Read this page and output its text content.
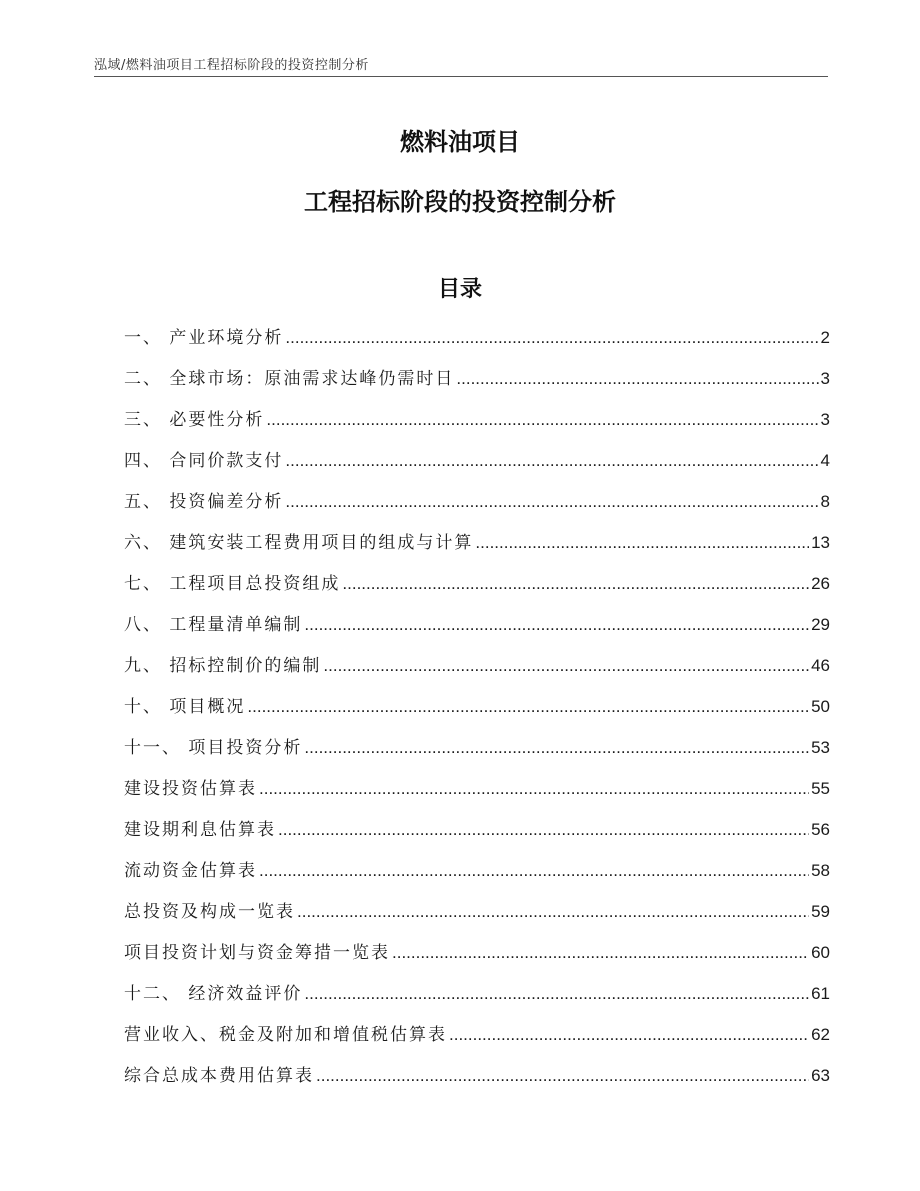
泓域/燃料油项目工程招标阶段的投资控制分析
燃料油项目
工程招标阶段的投资控制分析
目录
一、 产业环境分析 .....	2
二、 全球市场：原油需求达峰仍需时日 .....	3
三、 必要性分析 .....	3
四、 合同价款支付 .....	4
五、 投资偏差分析 .....	8
六、 建筑安装工程费用项目的组成与计算 .....	13
七、 工程项目总投资组成 .....	26
八、 工程量清单编制 .....	29
九、 招标控制价的编制 .....	46
十、 项目概况 .....	50
十一、 项目投资分析 .....	53
建设投资估算表 .....	55
建设期利息估算表 .....	56
流动资金估算表 .....	58
总投资及构成一览表 .....	59
项目投资计划与资金筹措一览表 .....	60
十二、 经济效益评价 .....	61
营业收入、税金及附加和增值税估算表 .....	62
综合总成本费用估算表 .....	63
